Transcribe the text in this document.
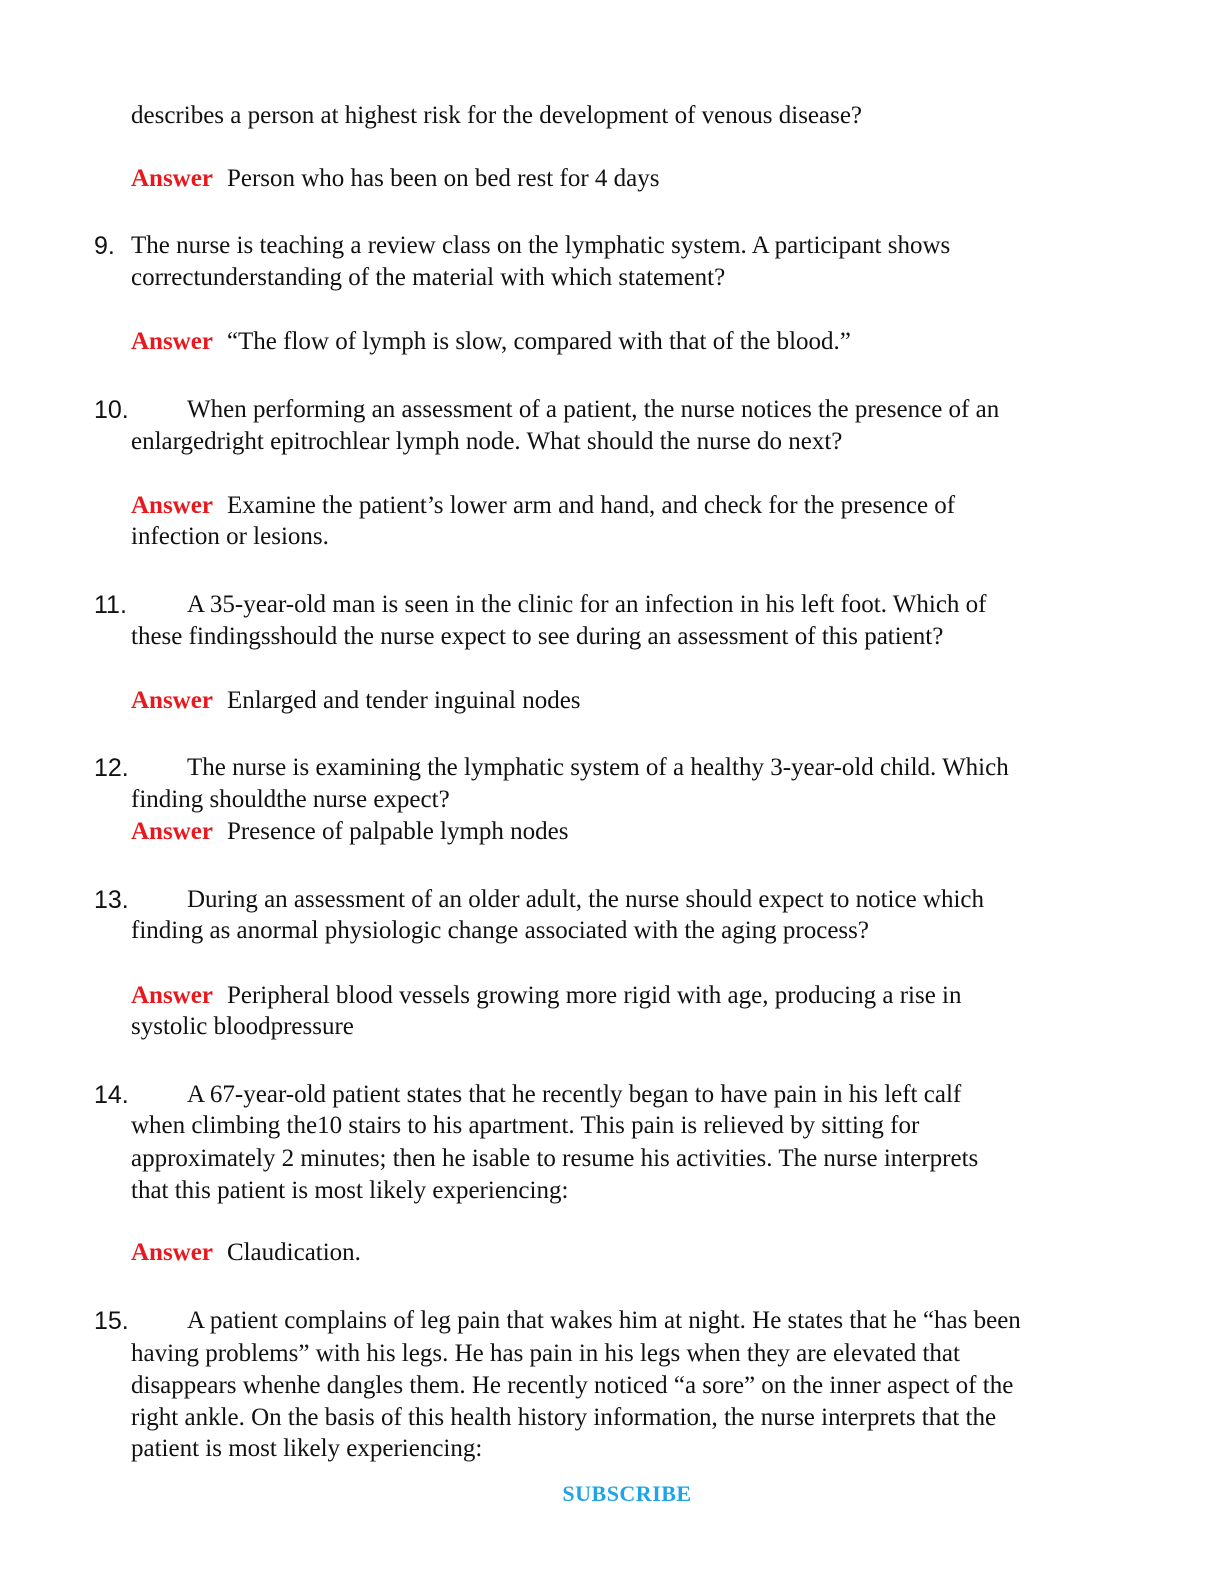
describes a person at highest risk for the development of venous disease?
Answer Person who has been on bed rest for 4 days
9. The nurse is teaching a review class on the lymphatic system. A participant shows
correctunderstanding of the material with which statement?
Answer “The flow of lymph is slow, compared with that of the blood.”
10.	When performing an assessment of a patient, the nurse notices the presence of an
enlargedright epitrochlear lymph node. What should the nurse do next?
Answer Examine the patient’s lower arm and hand, and check for the presence of
infection or lesions.
11.	A 35-year-old man is seen in the clinic for an infection in his left foot. Which of
these findingsshould the nurse expect to see during an assessment of this patient?
Answer Enlarged and tender inguinal nodes
12.	The nurse is examining the lymphatic system of a healthy 3-year-old child. Which
finding shouldthe nurse expect?
Answer Presence of palpable lymph nodes
13.	During an assessment of an older adult, the nurse should expect to notice which
finding as anormal physiologic change associated with the aging process?
Answer Peripheral blood vessels growing more rigid with age, producing a rise in
systolic bloodpressure
14.	A 67-year-old patient states that he recently began to have pain in his left calf
when climbing the10 stairs to his apartment. This pain is relieved by sitting for
approximately 2 minutes; then he isable to resume his activities. The nurse interprets
that this patient is most likely experiencing:
Answer Claudication.
15.	A patient complains of leg pain that wakes him at night. He states that he “has been
having problems” with his legs. He has pain in his legs when they are elevated that
disappears whenhe dangles them. He recently noticed “a sore” on the inner aspect of the
right ankle. On the basis of this health history information, the nurse interprets that the
patient is most likely experiencing:
SUBSCRIBE
